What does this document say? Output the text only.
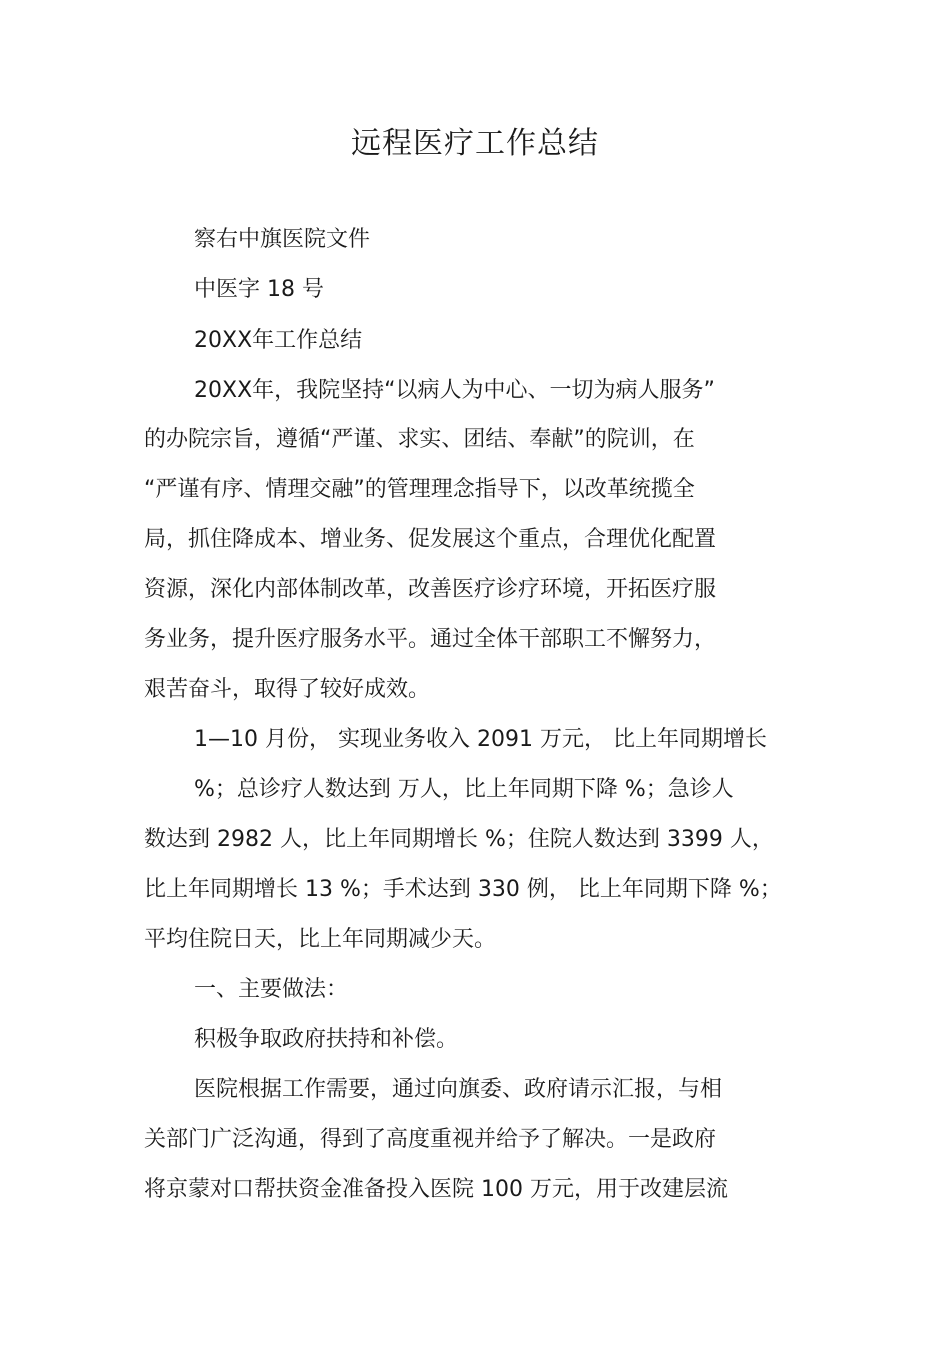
远程医疗工作总结
察右中旗医院文件
中医字 18 号
20XX年工作总结
20XX年，我院坚持“以病人为中心、一切为病人服务”
的办院宗旨，遵循“严谨、求实、团结、奉献”的院训，在
“严谨有序、情理交融”的管理理念指导下，以改革统揽全
局，抓住降成本、增业务、促发展这个重点，合理优化配置
资源，深化内部体制改革，改善医疗诊疗环境，开拓医疗服
务业务，提升医疗服务水平。通过全体干部职工不懈努力，
艰苦奋斗，取得了较好成效。
1—10 月份， 实现业务收入 2091 万元， 比上年同期增长
%；总诊疗人数达到 万人，比上年同期下降 %；急诊人
数达到 2982 人，比上年同期增长 %；住院人数达到 3399 人，
比上年同期增长 13 %；手术达到 330 例， 比上年同期下降 %；
平均住院日天，比上年同期减少天。
一、主要做法：
积极争取政府扶持和补偿。
医院根据工作需要，通过向旗委、政府请示汇报，与相
关部门广泛沟通，得到了高度重视并给予了解决。一是政府
将京蒙对口帮扶资金准备投入医院 100 万元，用于改建层流
